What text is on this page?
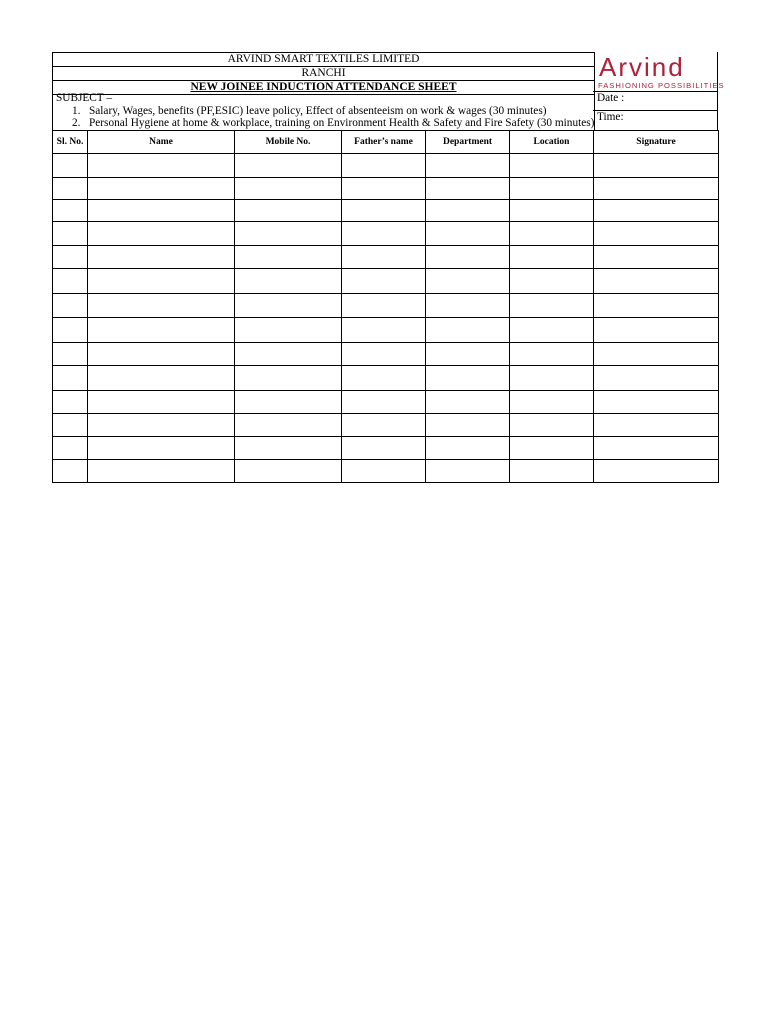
ARVIND SMART TEXTILES LIMITED
RANCHI
NEW JOINEE INDUCTION ATTENDANCE SHEET
SUBJECT –
1. Salary, Wages, benefits (PF,ESIC) leave policy, Effect of absenteeism on work & wages (30 minutes)
2. Personal Hygiene at home & workplace, training on Environment Health & Safety and Fire Safety (30 minutes)
Arvind
FASHIONING POSSIBILITIES
Date :
Time:
Sl. No.	Name	Mobile No.	Father’s name	Department	Location	Signature
